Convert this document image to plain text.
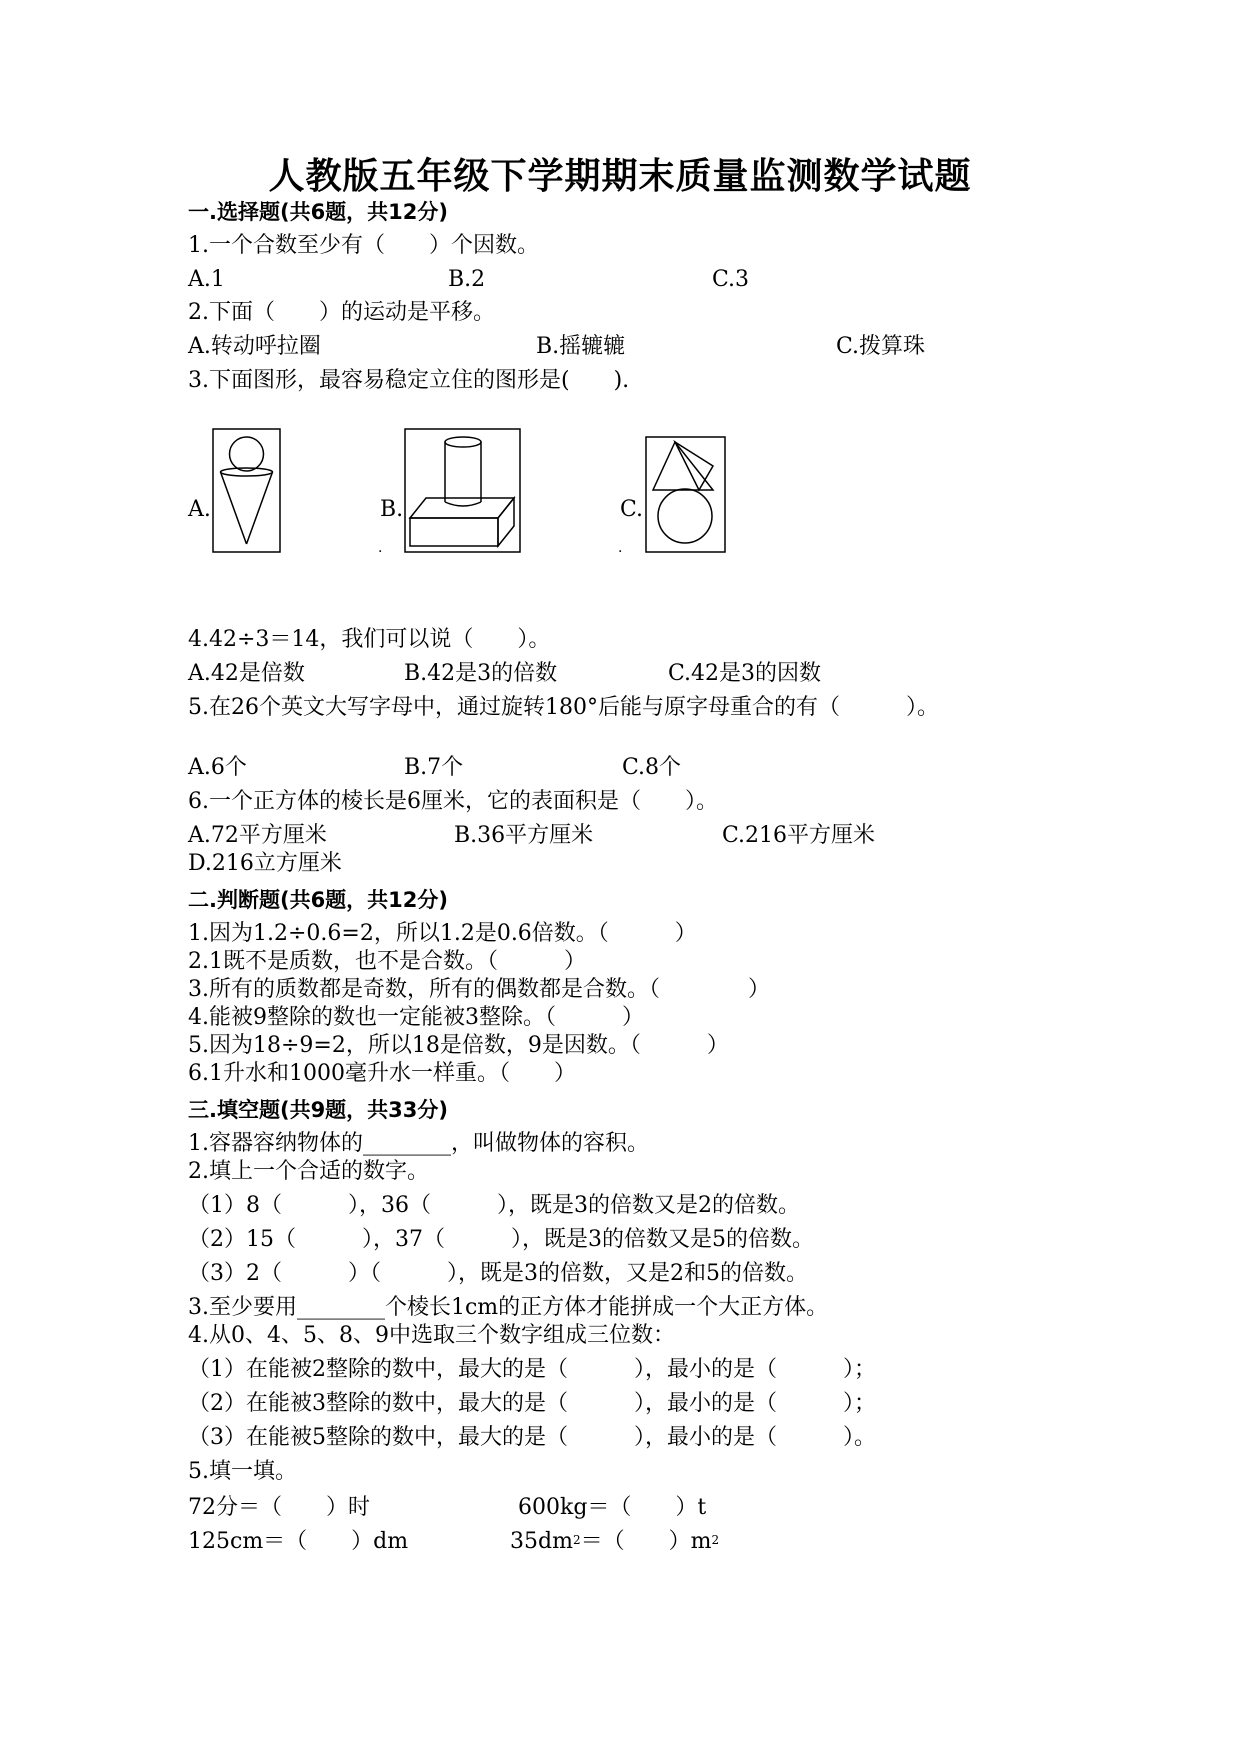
人教版五年级下学期期末质量监测数学试题
一.选择题(共6题，共12分)
1.一个合数至少有（　　）个因数。
A.1	B.2	C.3
2.下面（　　）的运动是平移。
A.转动呼拉圈	B.摇辘辘	C.拨算珠
3.下面图形，最容易稳定立住的图形是(　　).
A.	B.
.
C.
.
4.42÷3＝14，我们可以说（　　）。
A.42是倍数	B.42是3的倍数	C.42是3的因数
5.在26个英文大写字母中，通过旋转180°后能与原字母重合的有（　　　）。
A.6个	B.7个	C.8个
6.一个正方体的棱长是6厘米，它的表面积是（　　）。
A.72平方厘米	B.36平方厘米	C.216平方厘米
D.216立方厘米
二.判断题(共6题，共12分)
1.因为1.2÷0.6=2，所以1.2是0.6倍数。（　　　）
2.1既不是质数，也不是合数。（　　　）
3.所有的质数都是奇数，所有的偶数都是合数。（　　　　）
4.能被9整除的数也一定能被3整除。（　　　）
5.因为18÷9=2，所以18是倍数，9是因数。（　　　）
6.1升水和1000毫升水一样重。（　　）
三.填空题(共9题，共33分)
1.容器容纳物体的________，叫做物体的容积。
2.填上一个合适的数字。
（1）8（　　　），36（　　　），既是3的倍数又是2的倍数。
（2）15（　　　），37（　　　），既是3的倍数又是5的倍数。
（3）2（　　　）（　　　），既是3的倍数，又是2和5的倍数。
3.至少要用________个棱长1cm的正方体才能拼成一个大正方体。
4.从0、4、5、8、9中选取三个数字组成三位数：
（1）在能被2整除的数中，最大的是（　　　），最小的是（　　　）；
（2）在能被3整除的数中，最大的是（　　　），最小的是（　　　）；
（3）在能被5整除的数中，最大的是（　　　），最小的是（　　　）。
5.填一填。
72分＝（　　）时	600kg＝（　　）t
125cm＝（　　）dm	$35dm^2=$（　　）$m^2$
